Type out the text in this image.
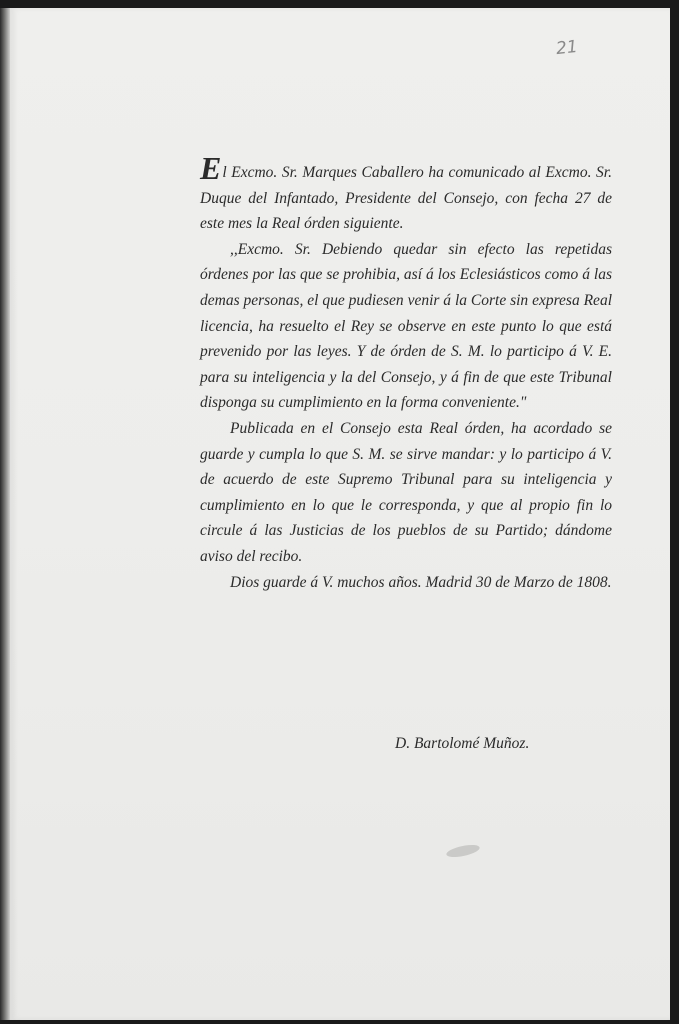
21

El Excmo. Sr. Marques Caballero ha comunicado al Excmo. Sr. Duque del Infantado, Presidente del Consejo, con fecha 27 de este mes la Real órden siguiente.

,,Excmo. Sr. Debiendo quedar sin efecto las repetidas órdenes por las que se prohibia, así á los Eclesiásticos como á las demas personas, el que pudiesen venir á la Corte sin expresa Real licencia, ha resuelto el Rey se observe en este punto lo que está prevenido por las leyes. Y de órden de S. M. lo participo á V. E. para su inteligencia y la del Consejo, y á fin de que este Tribunal disponga su cumplimiento en la forma conveniente."

Publicada en el Consejo esta Real órden, ha acordado se guarde y cumpla lo que S. M. se sirve mandar: y lo participo á V. de acuerdo de este Supremo Tribunal para su inteligencia y cumplimiento en lo que le corresponda, y que al propio fin lo circule á las Justicias de los pueblos de su Partido; dándome aviso del recibo.

Dios guarde á V. muchos años. Madrid 30 de Marzo de 1808.

D. Bartolomé Muñoz.
